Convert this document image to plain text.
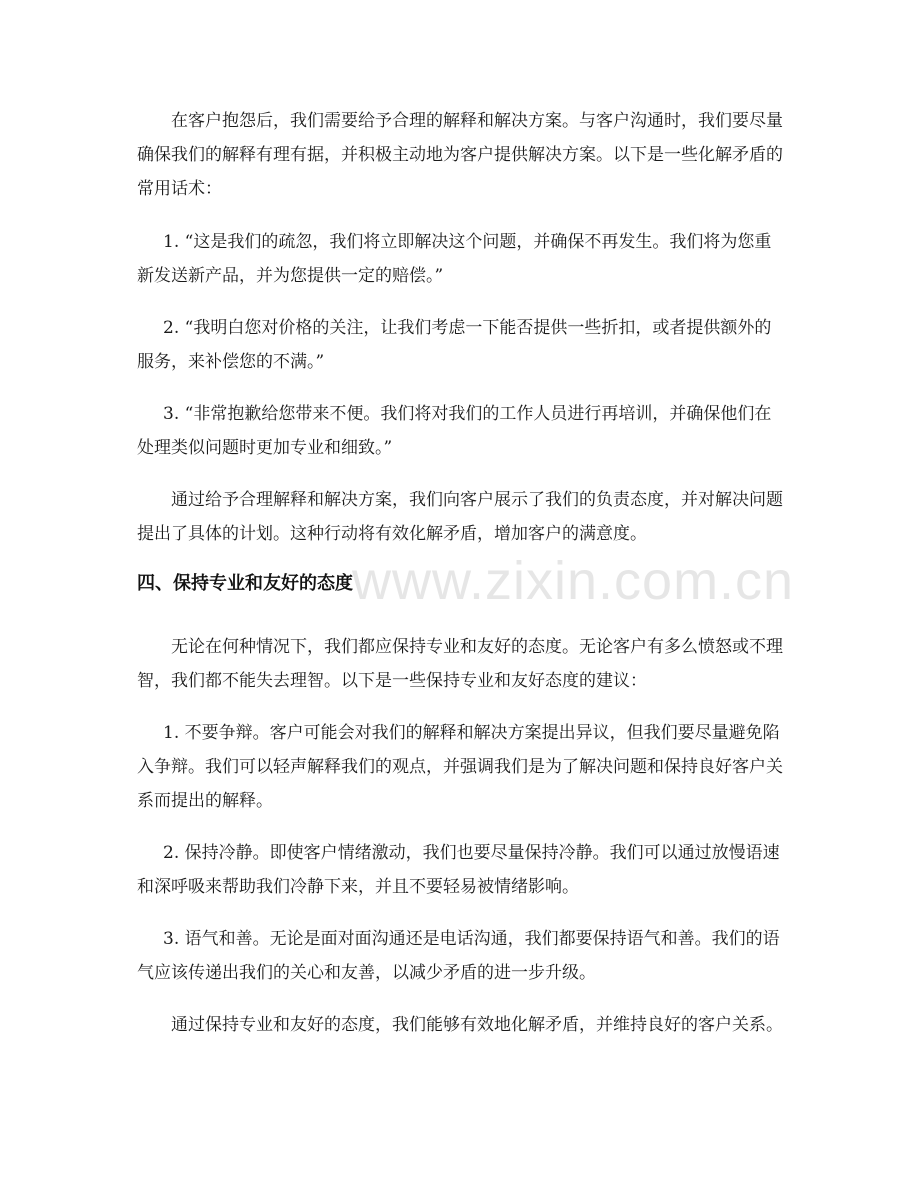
www.zixin.com.cn

在客户抱怨后，我们需要给予合理的解释和解决方案。与客户沟通时，我们要尽量确保我们的解释有理有据，并积极主动地为客户提供解决方案。以下是一些化解矛盾的常用话术：

1. “这是我们的疏忽，我们将立即解决这个问题，并确保不再发生。我们将为您重新发送新产品，并为您提供一定的赔偿。”

2. “我明白您对价格的关注，让我们考虑一下能否提供一些折扣，或者提供额外的服务，来补偿您的不满。”

3. “非常抱歉给您带来不便。我们将对我们的工作人员进行再培训，并确保他们在处理类似问题时更加专业和细致。”

通过给予合理解释和解决方案，我们向客户展示了我们的负责态度，并对解决问题提出了具体的计划。这种行动将有效化解矛盾，增加客户的满意度。

四、保持专业和友好的态度

无论在何种情况下，我们都应保持专业和友好的态度。无论客户有多么愤怒或不理智，我们都不能失去理智。以下是一些保持专业和友好态度的建议：

1. 不要争辩。客户可能会对我们的解释和解决方案提出异议，但我们要尽量避免陷入争辩。我们可以轻声解释我们的观点，并强调我们是为了解决问题和保持良好客户关系而提出的解释。

2. 保持冷静。即使客户情绪激动，我们也要尽量保持冷静。我们可以通过放慢语速和深呼吸来帮助我们冷静下来，并且不要轻易被情绪影响。

3. 语气和善。无论是面对面沟通还是电话沟通，我们都要保持语气和善。我们的语气应该传递出我们的关心和友善，以减少矛盾的进一步升级。

通过保持专业和友好的态度，我们能够有效地化解矛盾，并维持良好的客户关系。
